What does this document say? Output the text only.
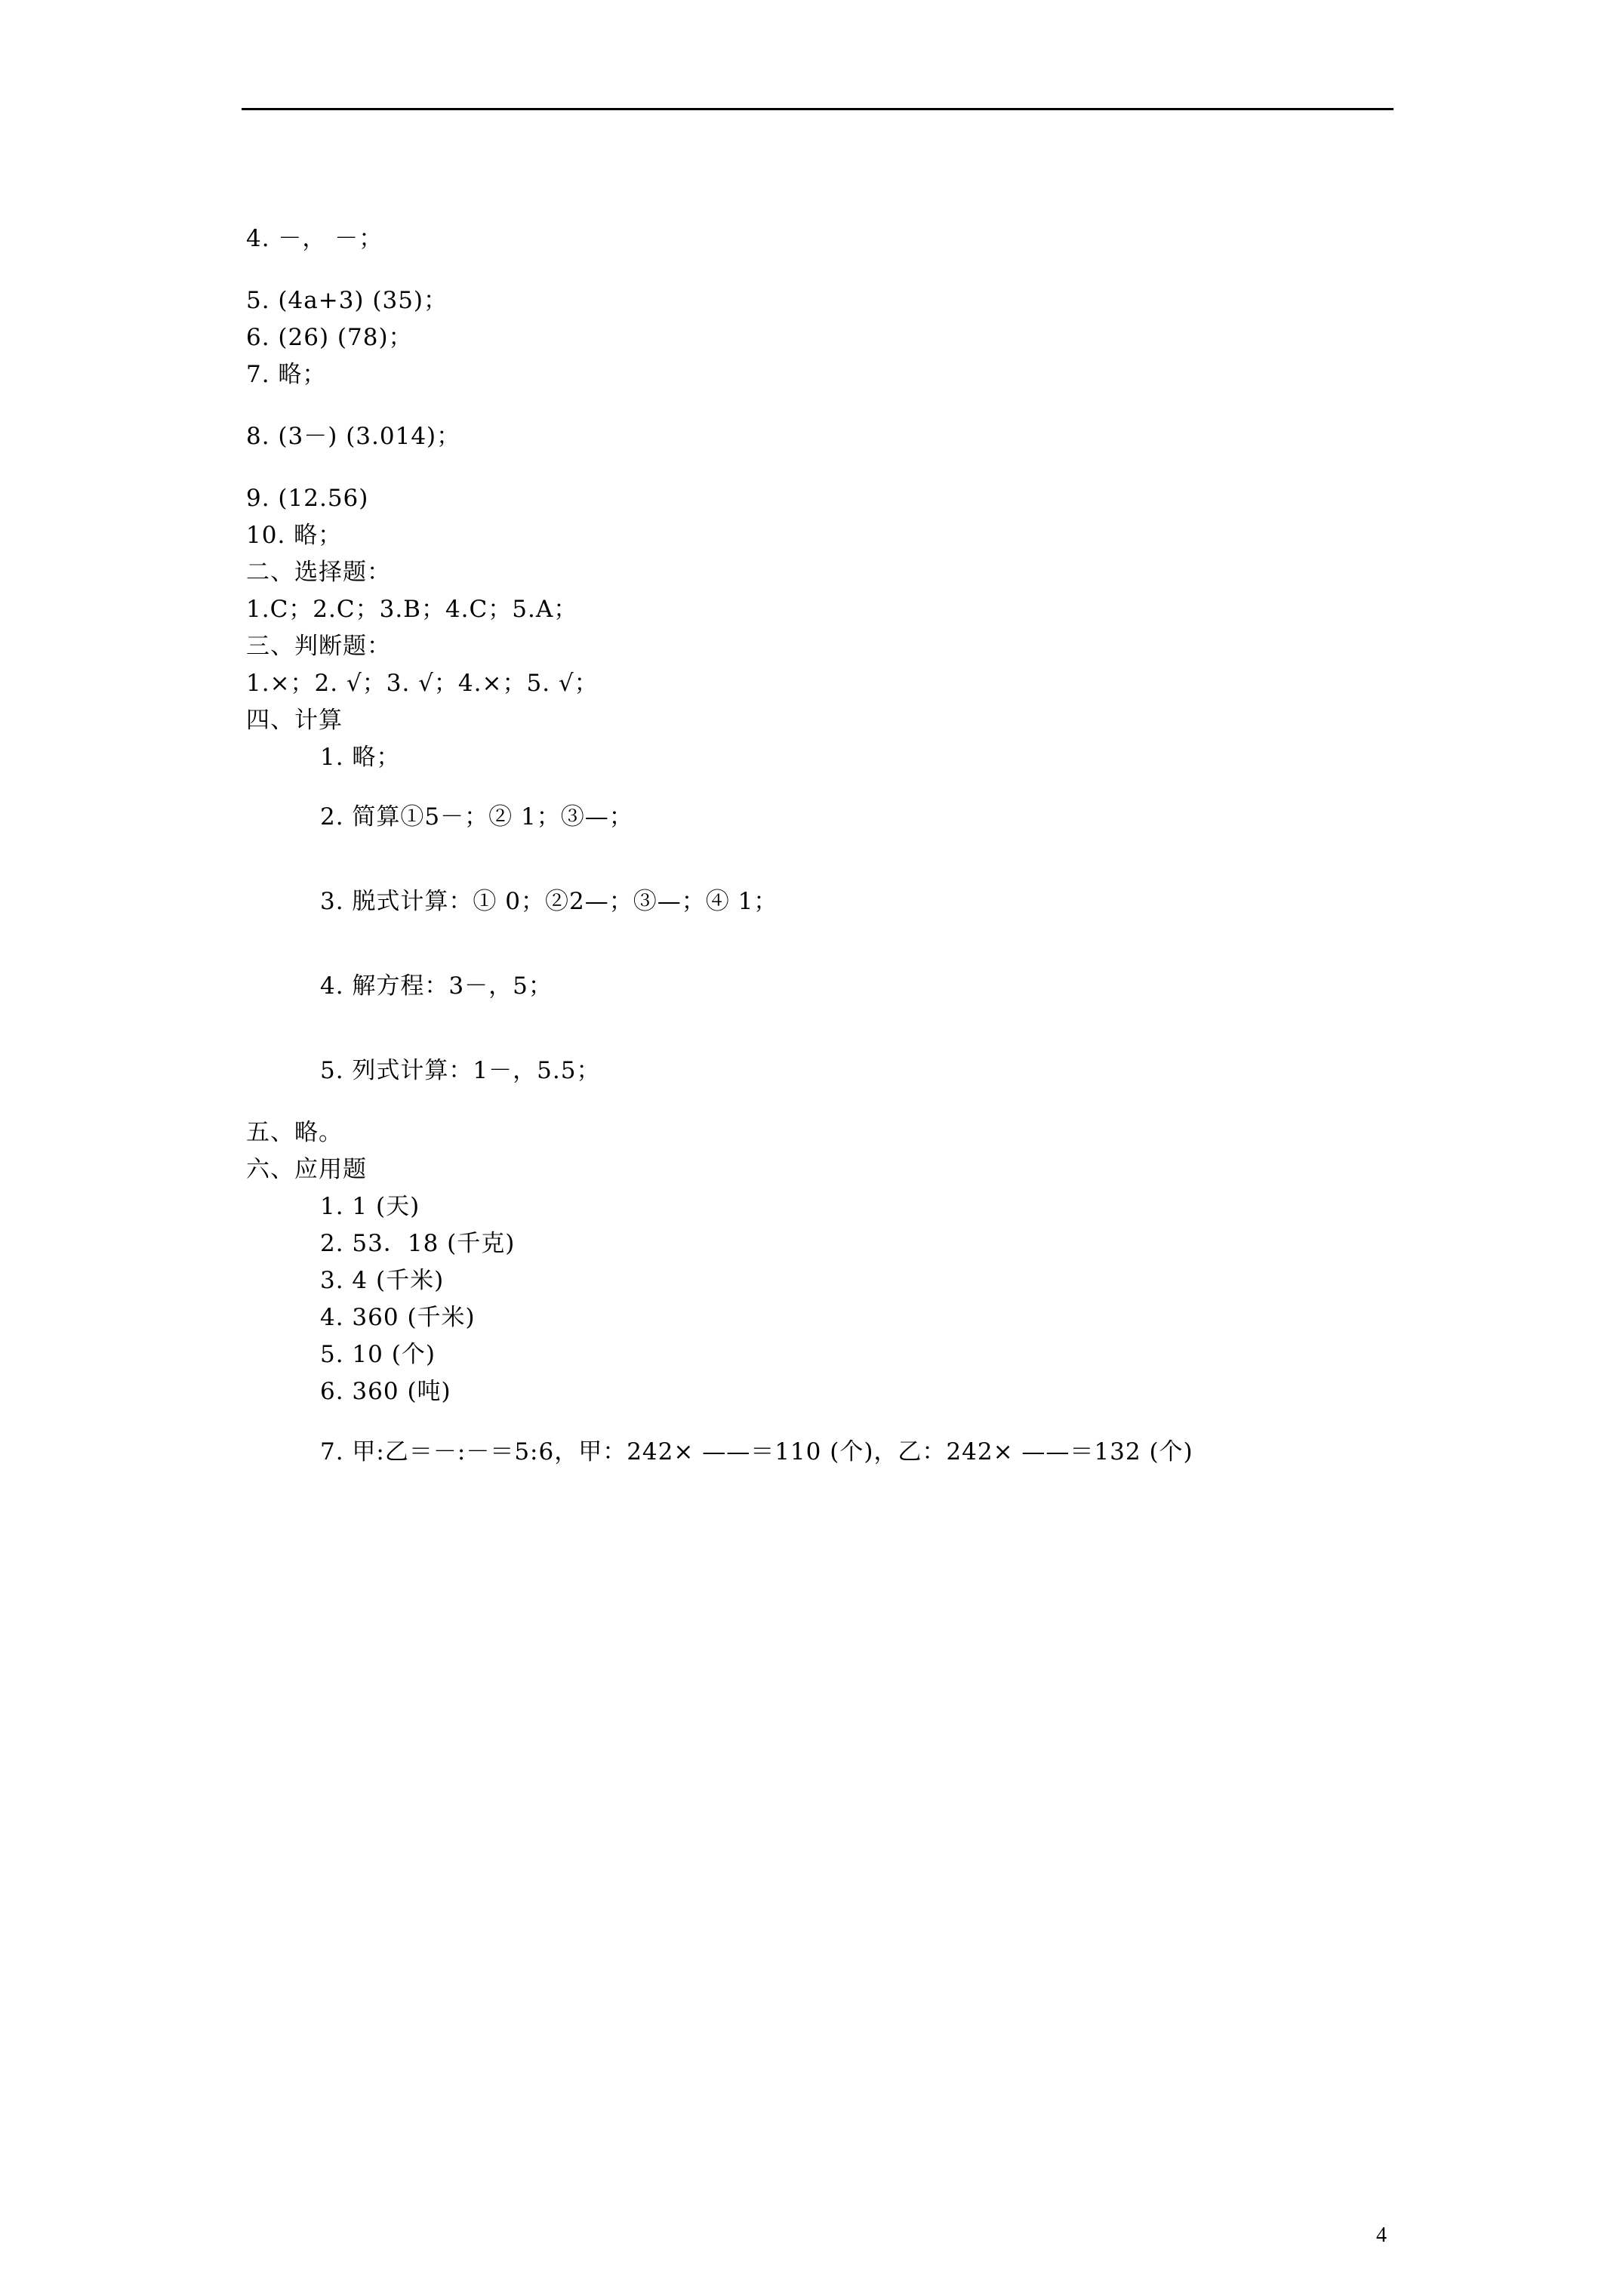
4. －， －；
5. (4a+3) (35)；
6. (26) (78)；
7. 略；
8. (3－) (3.014)；
9. (12.56)
10. 略；
二、选择题：
1.C；2.C；3.B；4.C；5.A；
三、判断题：
1.×；2. √；3. √；4.×；5. √；
四、计算
1. 略；
2. 简算①5－；② 1；③—；
3. 脱式计算：① 0；②2—；③—；④ 1；
4. 解方程：3－，5；
5. 列式计算：1－，5.5；
五、略。
六、应用题
1. 1 (天)
2. 53．18 (千克)
3. 4 (千米)
4. 360 (千米)
5. 10 (个)
6. 360 (吨)
7. 甲:乙＝－:－＝5:6，甲：242× ——＝110 (个)，乙：242× ——＝132 (个)
4
